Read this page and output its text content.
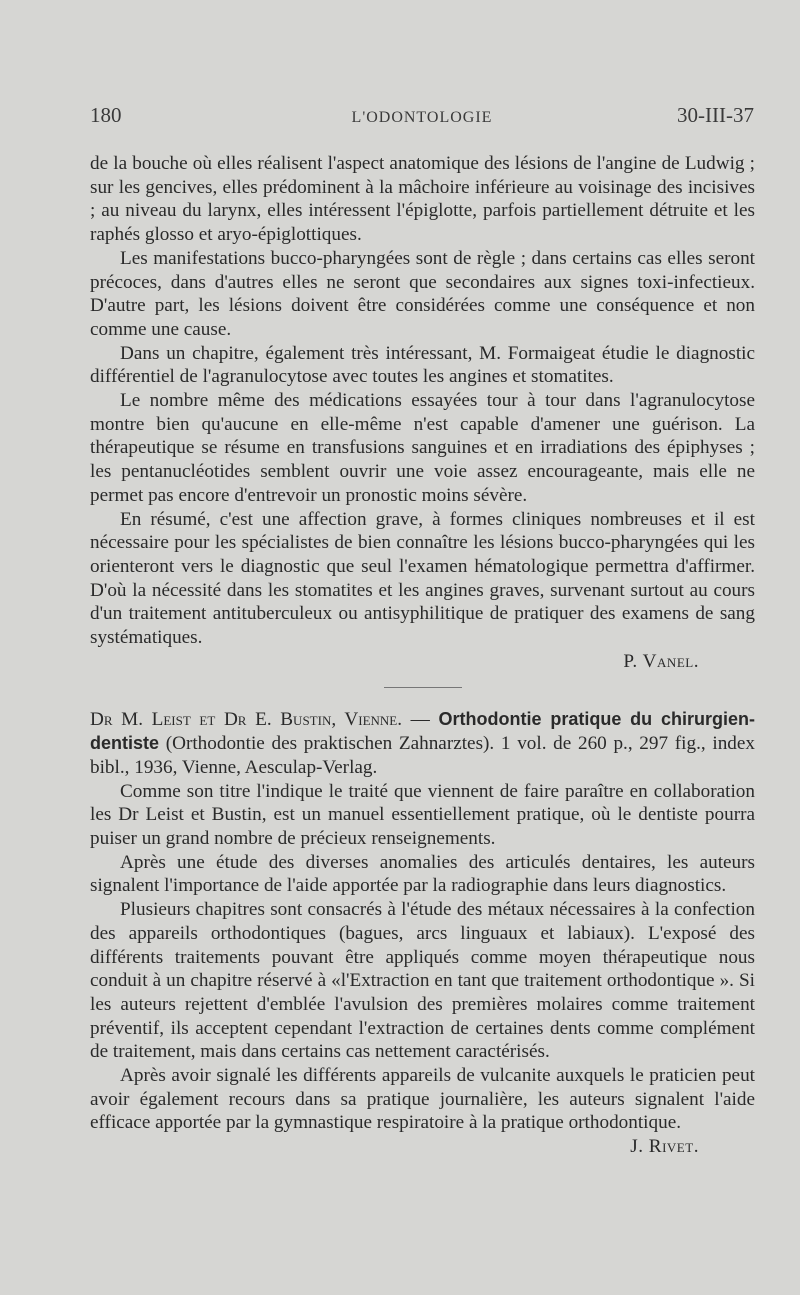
180	L'ODONTOLOGIE	30-III-37

de la bouche où elles réalisent l'aspect anatomique des lésions de l'angine de Ludwig ; sur les gencives, elles prédominent à la mâchoire inférieure au voisinage des incisives ; au niveau du larynx, elles intéressent l'épiglotte, parfois partiellement détruite et les raphés glosso et aryo-épiglottiques.

Les manifestations bucco-pharyngées sont de règle ; dans certains cas elles seront précoces, dans d'autres elles ne seront que secondaires aux signes toxi-infectieux. D'autre part, les lésions doivent être considérées comme une conséquence et non comme une cause.

Dans un chapitre, également très intéressant, M. Formaigeat étudie le diagnostic différentiel de l'agranulocytose avec toutes les angines et stomatites.

Le nombre même des médications essayées tour à tour dans l'agranulocytose montre bien qu'aucune en elle-même n'est capable d'amener une guérison. La thérapeutique se résume en transfusions sanguines et en irradiations des épiphyses ; les pentanucléotides semblent ouvrir une voie assez encourageante, mais elle ne permet pas encore d'entrevoir un pronostic moins sévère.

En résumé, c'est une affection grave, à formes cliniques nombreuses et il est nécessaire pour les spécialistes de bien connaître les lésions bucco-pharyngées qui les orienteront vers le diagnostic que seul l'examen hématologique permettra d'affirmer. D'où la nécessité dans les stomatites et les angines graves, survenant surtout au cours d'un traitement antituberculeux ou antisyphilitique de pratiquer des examens de sang systématiques.

P. Vanel.

Dr M. Leist et Dr E. Bustin, Vienne. — Orthodontie pratique du chirurgien-dentiste (Orthodontie des praktischen Zahnarztes). 1 vol. de 260 p., 297 fig., index bibl., 1936, Vienne, Aesculap-Verlag.

Comme son titre l'indique le traité que viennent de faire paraître en collaboration les Dr Leist et Bustin, est un manuel essentiellement pratique, où le dentiste pourra puiser un grand nombre de précieux renseignements.

Après une étude des diverses anomalies des articulés dentaires, les auteurs signalent l'importance de l'aide apportée par la radiographie dans leurs diagnostics.

Plusieurs chapitres sont consacrés à l'étude des métaux nécessaires à la confection des appareils orthodontiques (bagues, arcs linguaux et labiaux). L'exposé des différents traitements pouvant être appliqués comme moyen thérapeutique nous conduit à un chapitre réservé à «l'Extraction en tant que traitement orthodontique ». Si les auteurs rejettent d'emblée l'avulsion des premières molaires comme traitement préventif, ils acceptent cependant l'extraction de certaines dents comme complément de traitement, mais dans certains cas nettement caractérisés.

Après avoir signalé les différents appareils de vulcanite auxquels le praticien peut avoir également recours dans sa pratique journalière, les auteurs signalent l'aide efficace apportée par la gymnastique respiratoire à la pratique orthodontique.

J. Rivet.
